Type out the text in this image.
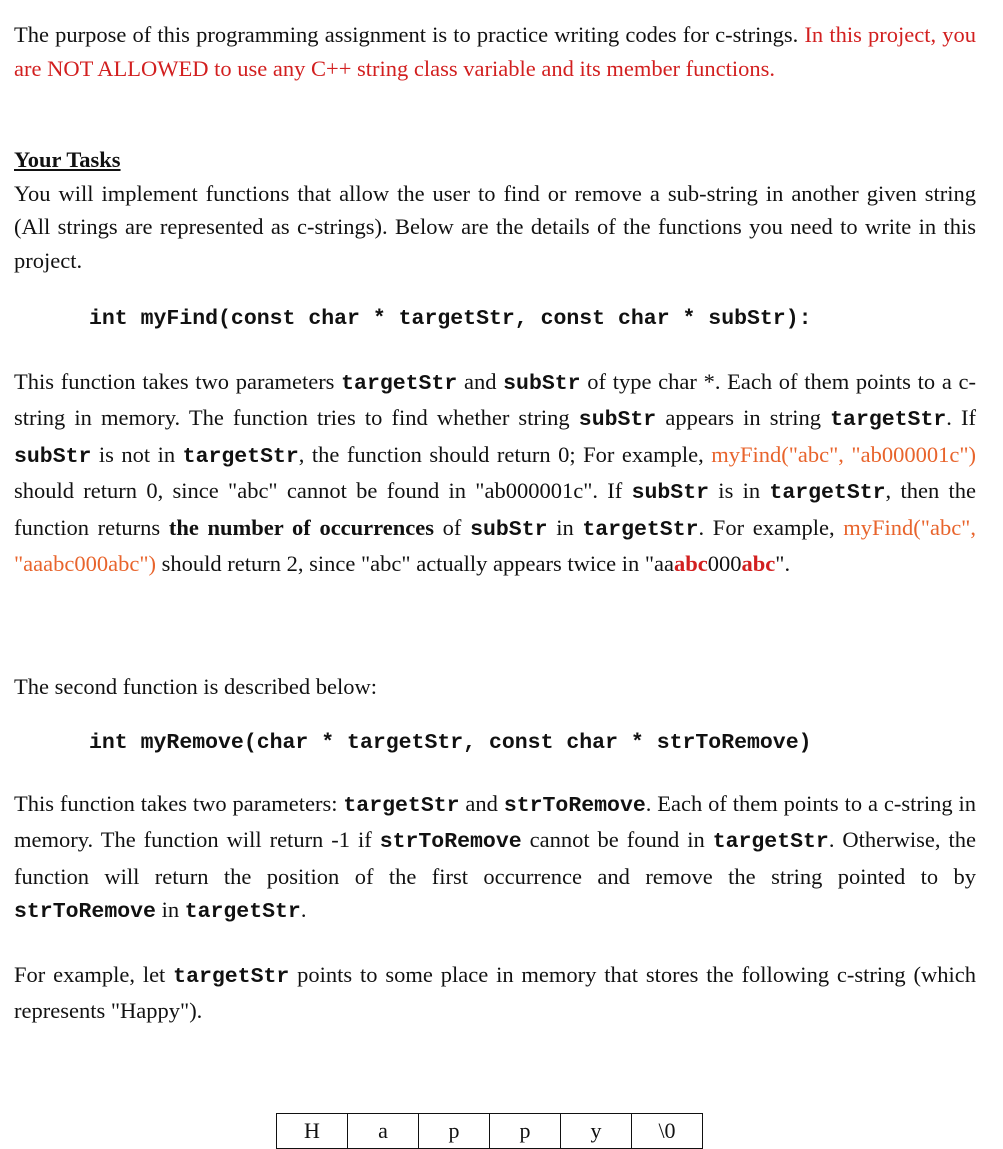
The purpose of this programming assignment is to practice writing codes for c-strings. In this project, you are NOT ALLOWED to use any C++ string class variable and its member functions.

Your Tasks

You will implement functions that allow the user to find or remove a sub-string in another given string (All strings are represented as c-strings). Below are the details of the functions you need to write in this project.

int myFind(const char * targetStr, const char * subStr):

This function takes two parameters targetStr and subStr of type char *. Each of them points to a c-string in memory. The function tries to find whether string subStr appears in string targetStr. If subStr is not in targetStr, the function should return 0; For example, myFind("abc", "ab000001c") should return 0, since "abc" cannot be found in "ab000001c". If subStr is in targetStr, then the function returns the number of occurrences of subStr in targetStr. For example, myFind("abc", "aaabc000abc") should return 2, since "abc" actually appears twice in "aaabc000abc".

The second function is described below:

int myRemove(char * targetStr, const char * strToRemove)

This function takes two parameters: targetStr and strToRemove. Each of them points to a c-string in memory. The function will return -1 if strToRemove cannot be found in targetStr. Otherwise, the function will return the position of the first occurrence and remove the string pointed to by strToRemove in targetStr.

For example, let targetStr points to some place in memory that stores the following c-string (which represents "Happy").

H	a	p	p	y	\0
